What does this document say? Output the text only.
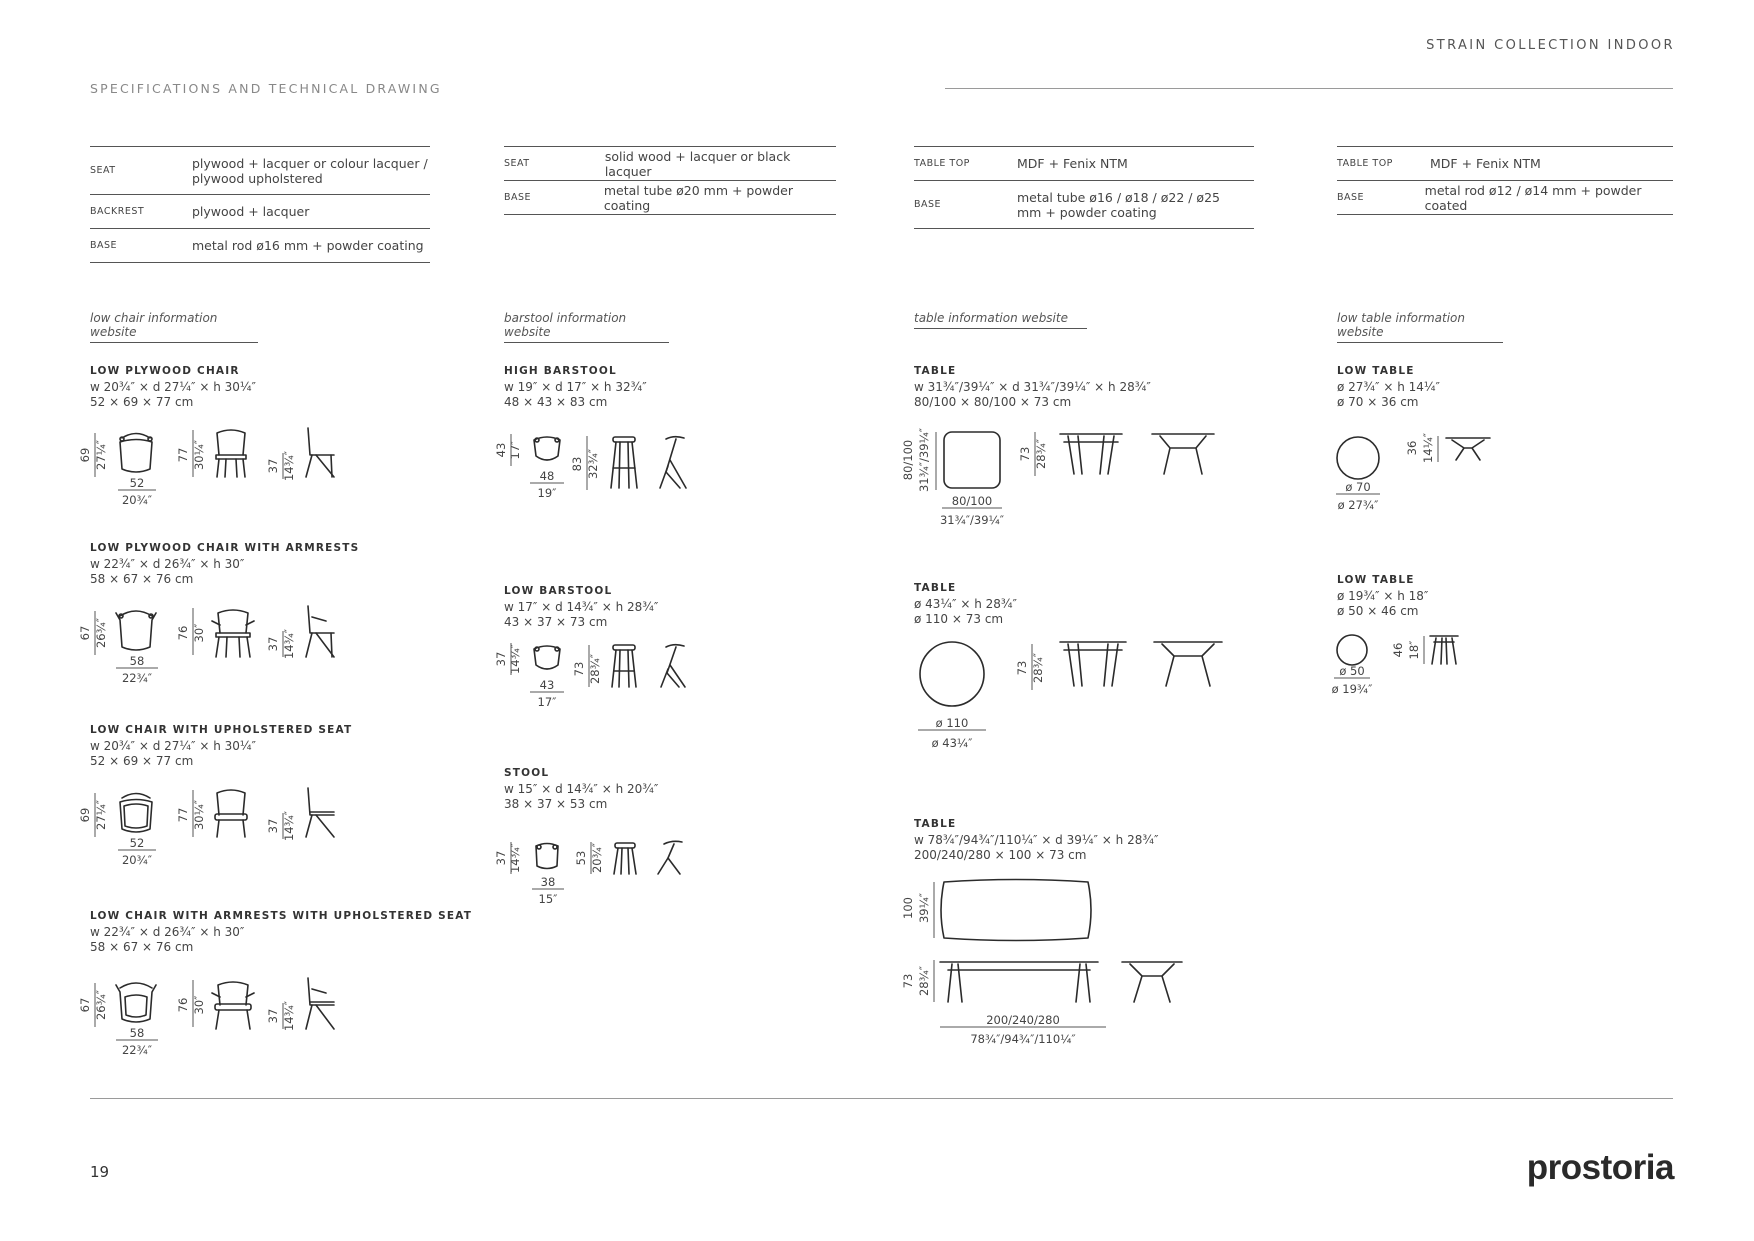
STRAIN COLLECTION INDOOR
SPECIFICATIONS AND TECHNICAL DRAWING
SEAT	plywood + lacquer or colour lacquer / plywood upholstered
BACKREST	plywood + lacquer
BASE	metal rod ø16 mm + powder coating
SEAT	solid wood + lacquer or black lacquer
BASE	metal tube ø20 mm + powder coating
TABLE TOP	MDF + Fenix NTM
BASE	metal tube ø16 / ø18 / ø22 / ø25 mm + powder coating
TABLE TOP	MDF + Fenix NTM
BASE	metal rod ø12 / ø14 mm + powder coated
low chair information website
barstool information website
table information website	low table information website
LOW PLYWOOD CHAIR
w 20¾″ × d 27¼″ × h 30¼″
52 × 69 × 77 cm
69 27¼″
52
20¾″
77 30¼″	37 14¾″
LOW PLYWOOD CHAIR WITH ARMRESTS
w 22¾″ × d 26¾″ × h 30″
58 × 67 × 76 cm
67 26¾″
58
22¾″
76 30″
37 14¾″
LOW CHAIR WITH UPHOLSTERED SEAT
w 20¾″ × d 27¼″ × h 30¼″
52 × 69 × 77 cm
69 27¼″
52
20¾″
77 30¼″	37 14¾″
LOW CHAIR WITH ARMRESTS WITH UPHOLSTERED SEAT
w 22¾″ × d 26¾″ × h 30″
58 × 67 × 76 cm
67 26¾″
58
22¾″
76 30″
37 14¾″
HIGH BARSTOOL
w 19″ × d 17″ × h 32¾″
48 × 43 × 83 cm
43 17″
48
19″
83 32¾″
LOW BARSTOOL
w 17″ × d 14¾″ × h 28¾″
43 × 37 × 73 cm
37 14¾″
43
17″
73 28¾″
STOOL
w 15″ × d 14¾″ × h 20¾″
38 × 37 × 53 cm
37 14¾″
38
15″
53 20¾″
TABLE
w 31¾″/39¼″ × d 31¾″/39¼″ × h 28¾″
80/100 × 80/100 × 73 cm
80/100 31¾″/39¼″
80/100
31¾″/39¼″
73 28¾″
TABLE
ø 43¼″ × h 28¾″
ø 110 × 73 cm
ø 110
ø 43¼″
73 28¾″
TABLE
w 78¾″/94¾″/110¼″ × d 39¼″ × h 28¾″
200/240/280 × 100 × 73 cm
100 39¼″
73 28¾″
200/240/280
78¾″/94¾″/110¼″
LOW TABLE
ø 27¾″ × h 14¼″
ø 70 × 36 cm
ø 70
ø 27¾″
36 14¼″
LOW TABLE
ø 19¾″ × h 18″
ø 50 × 46 cm
ø 50
ø 19¾″
46 18″
19	prostoria
